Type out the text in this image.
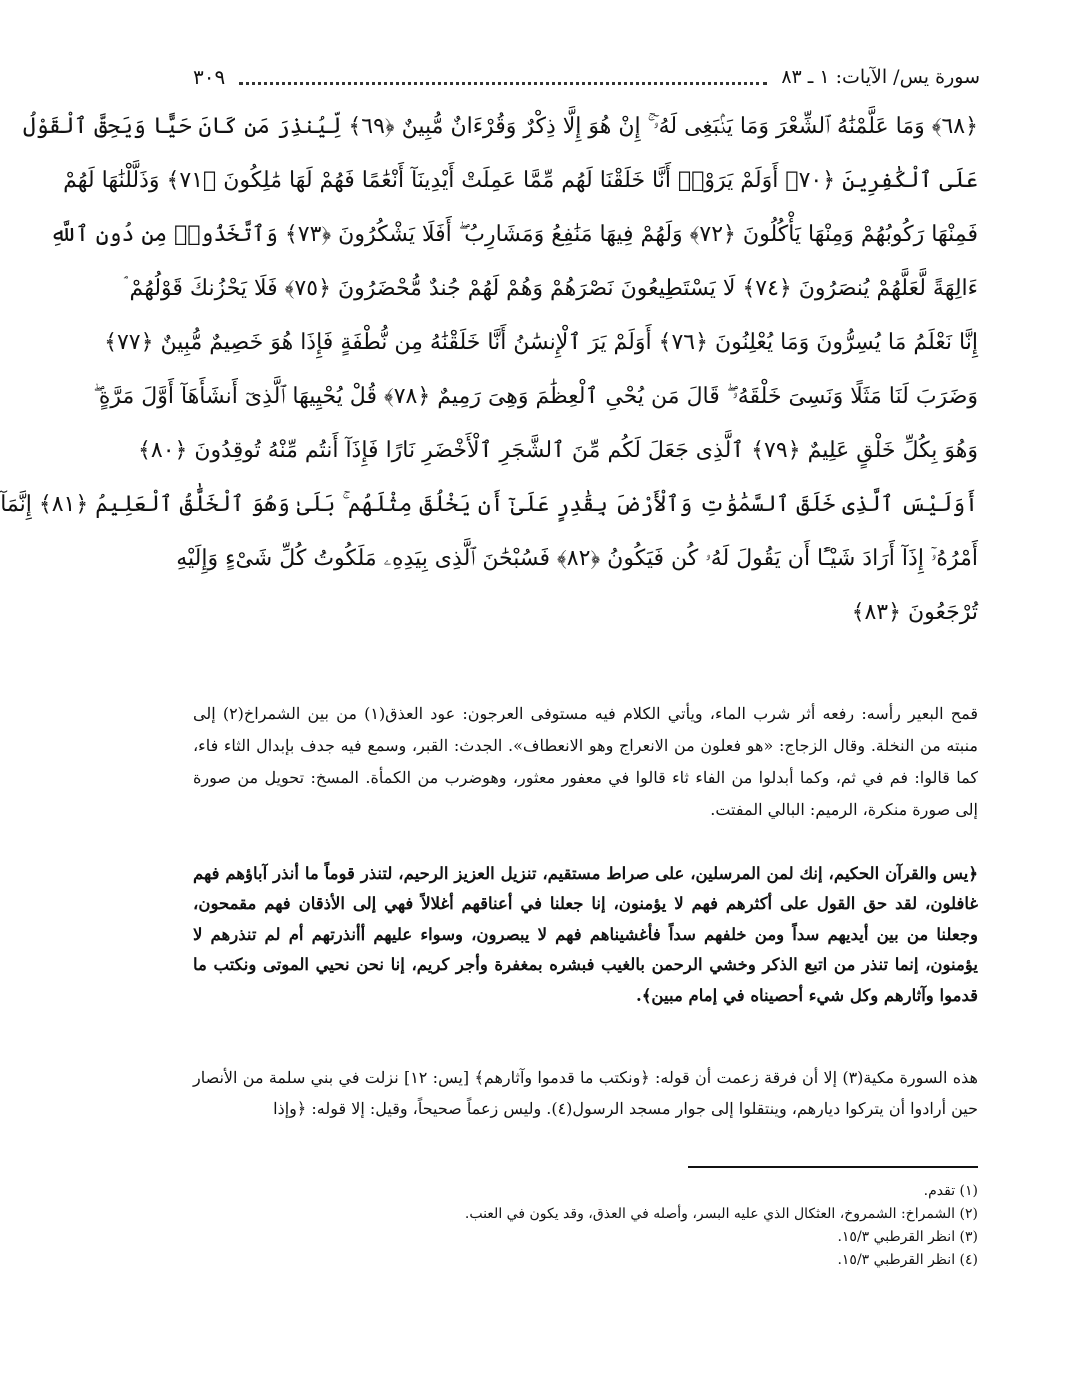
سورة يس/ الآيات: ١ ـ ٨٣
٣٠٩
﴿٦٨﴾ وَمَا عَلَّمْنَٰهُ ٱلشِّعْرَ وَمَا يَنۢبَغِى لَهُۥٓ ۚ إِنْ هُوَ إِلَّا ذِكْرٌ وَقُرْءَانٌ مُّبِينٌ ﴿٦٩﴾ لِّيُنذِرَ مَن كَانَ حَيًّا وَيَحِقَّ ٱلْقَوْلُ
عَلَى ٱلْكَٰفِرِينَ ﴿٧٠﴾ أَوَلَمْ يَرَوْا۟ أَنَّا خَلَقْنَا لَهُم مِّمَّا عَمِلَتْ أَيْدِينَآ أَنْعَٰمًا فَهُمْ لَهَا مَٰلِكُونَ ﴿٧١﴾ وَذَلَّلْنَٰهَا لَهُمْ
فَمِنْهَا رَكُوبُهُمْ وَمِنْهَا يَأْكُلُونَ ﴿٧٢﴾ وَلَهُمْ فِيهَا مَنَٰفِعُ وَمَشَارِبُ ۖ أَفَلَا يَشْكُرُونَ ﴿٧٣﴾ وَٱتَّخَذُوا۟ مِن دُونِ ٱللَّهِ
ءَالِهَةً لَّعَلَّهُمْ يُنصَرُونَ ﴿٧٤﴾ لَا يَسْتَطِيعُونَ نَصْرَهُمْ وَهُمْ لَهُمْ جُندٌ مُّحْضَرُونَ ﴿٧٥﴾ فَلَا يَحْزُنكَ قَوْلُهُمْ ۘ
إِنَّا نَعْلَمُ مَا يُسِرُّونَ وَمَا يُعْلِنُونَ ﴿٧٦﴾ أَوَلَمْ يَرَ ٱلْإِنسَٰنُ أَنَّا خَلَقْنَٰهُ مِن نُّطْفَةٍ فَإِذَا هُوَ خَصِيمٌ مُّبِينٌ ﴿٧٧﴾
وَضَرَبَ لَنَا مَثَلًا وَنَسِىَ خَلْقَهُۥ ۖ قَالَ مَن يُحْىِ ٱلْعِظَٰمَ وَهِىَ رَمِيمٌ ﴿٧٨﴾ قُلْ يُحْيِيهَا ٱلَّذِىٓ أَنشَأَهَآ أَوَّلَ مَرَّةٍ ۖ
وَهُوَ بِكُلِّ خَلْقٍ عَلِيمٌ ﴿٧٩﴾ ٱلَّذِى جَعَلَ لَكُم مِّنَ ٱلشَّجَرِ ٱلْأَخْضَرِ نَارًا فَإِذَآ أَنتُم مِّنْهُ تُوقِدُونَ ﴿٨٠﴾
أَوَلَيْسَ ٱلَّذِى خَلَقَ ٱلسَّمَٰوَٰتِ وَٱلْأَرْضَ بِقَٰدِرٍ عَلَىٰٓ أَن يَخْلُقَ مِثْلَهُم ۚ بَلَىٰ وَهُوَ ٱلْخَلَّٰقُ ٱلْعَلِيمُ ﴿٨١﴾ إِنَّمَآ
أَمْرُهُۥٓ إِذَآ أَرَادَ شَيْـًٔا أَن يَقُولَ لَهُۥ كُن فَيَكُونُ ﴿٨٢﴾ فَسُبْحَٰنَ ٱلَّذِى بِيَدِهِۦ مَلَكُوتُ كُلِّ شَىْءٍ وَإِلَيْهِ
تُرْجَعُونَ ﴿٨٣﴾

قمح البعير رأسه: رفعه أثر شرب الماء، ويأتي الكلام فيه مستوفى العرجون: عود العذق(١) من بين الشمراخ(٢) إلى منبته من النخلة. وقال الزجاج: «هو فعلون من الانعراج وهو الانعطاف». الجدث: القبر، وسمع فيه جدف بإبدال الثاء فاء، كما قالوا: فم في ثم، وكما أبدلوا من الفاء ثاء قالوا في معفور معثور، وهوضرب من الكمأة. المسخ: تحويل من صورة إلى صورة منكرة، الرميم: البالي المفتت.

﴿يس والقرآن الحكيم، إنك لمن المرسلين، على صراط مستقيم، تنزيل العزيز الرحيم، لتنذر قوماً ما أنذر آباؤهم فهم غافلون، لقد حق القول على أكثرهم فهم لا يؤمنون، إنا جعلنا في أعناقهم أغلالاً فهي إلى الأذقان فهم مقمحون، وجعلنا من بين أيديهم سداً ومن خلفهم سداً فأغشيناهم فهم لا يبصرون، وسواء عليهم أأنذرتهم أم لم تنذرهم لا يؤمنون، إنما تنذر من اتبع الذكر وخشي الرحمن بالغيب فبشره بمغفرة وأجر كريم، إنا نحن نحيي الموتى ونكتب ما قدموا وآثارهم وكل شيء أحصيناه في إمام مبين﴾.

هذه السورة مكية(٣) إلا أن فرقة زعمت أن قوله: ﴿ونكتب ما قدموا وآثارهم﴾ [يس: ١٢] نزلت في بني سلمة من الأنصار حين أرادوا أن يتركوا ديارهم، وينتقلوا إلى جوار مسجد الرسول(٤). وليس زعماً صحيحاً، وقيل: إلا قوله: ﴿وإذا

(١) تقدم.
(٢) الشمراخ: الشمروخ، العثكال الذي عليه البسر، وأصله في العذق، وقد يكون في العنب.
(٣) انظر القرطبي ١٥/٣.
(٤) انظر القرطبي ١٥/٣.
